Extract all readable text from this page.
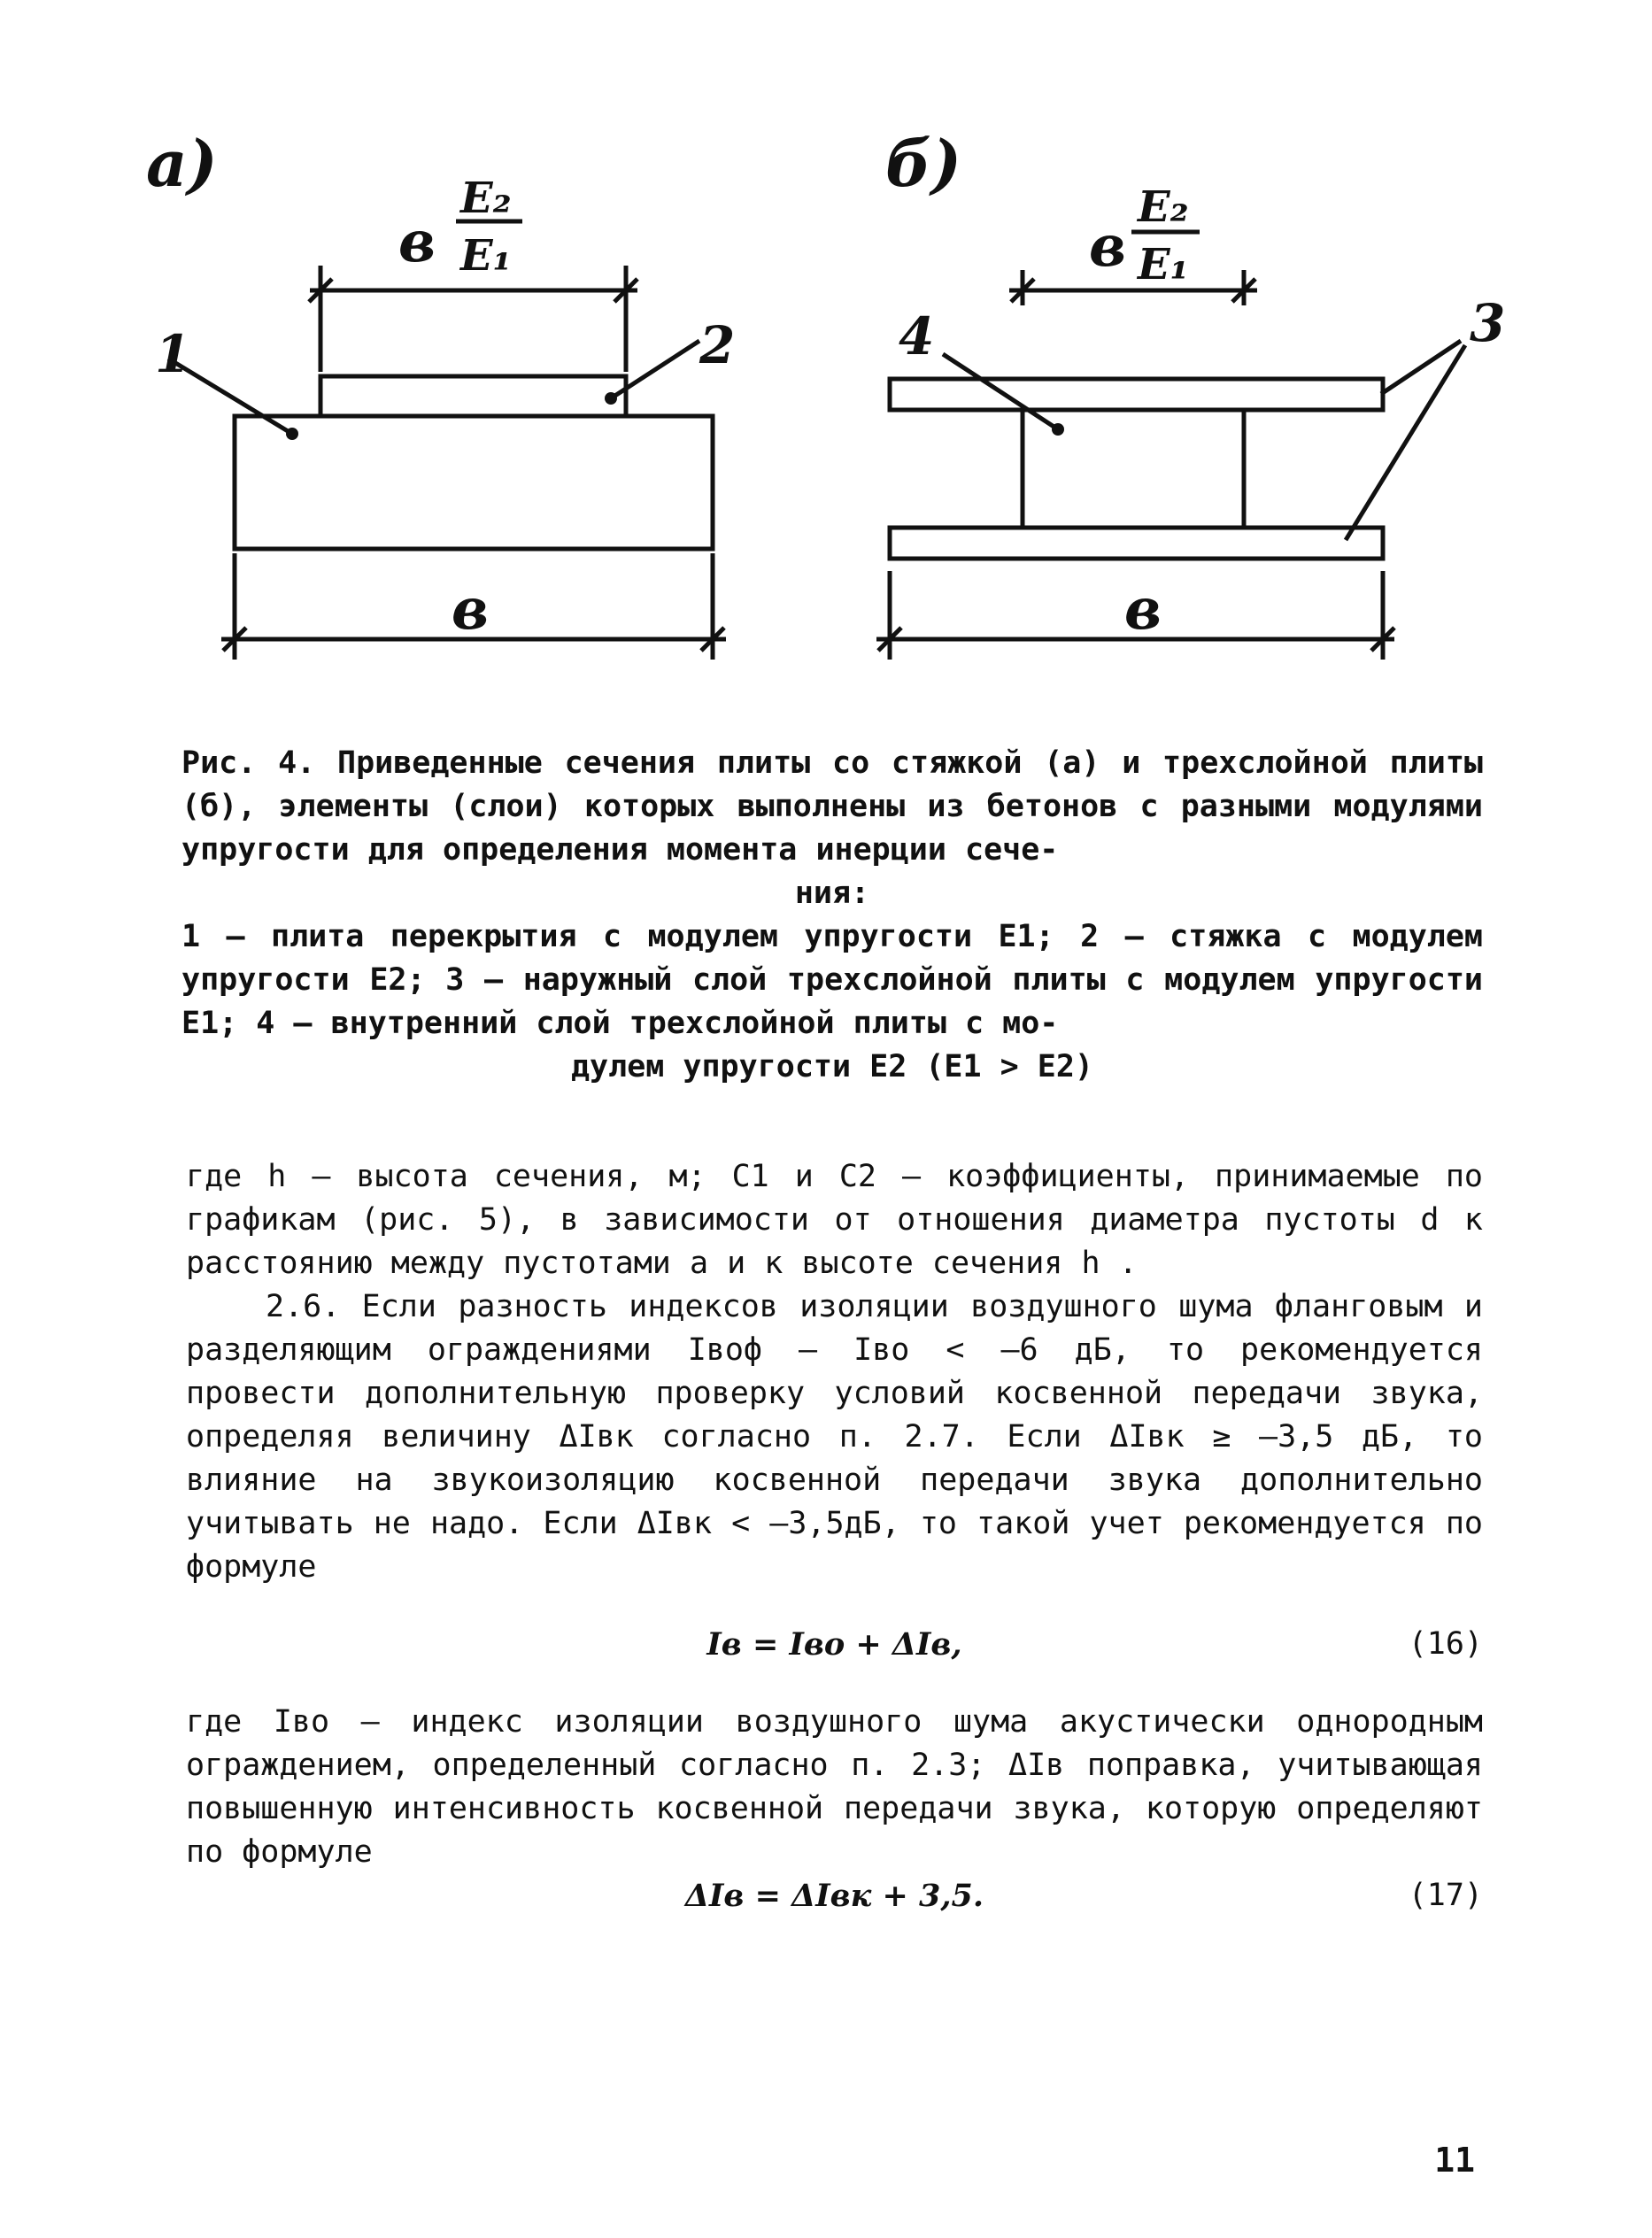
а)	б)
в
E₂
E₁	в
E₂
E₁
в	в
1	2	3
4

Рис. 4. Приведенные сечения плиты со стяжкой (а) и трехслойной плиты (б), элементы (слои) которых выполнены из бетонов с разными модулями упругости для определения момента инерции сече-

ния:

1 – плита перекрытия с модулем упругости E1; 2 – стяжка с модулем упругости E2; 3 – наружный слой трехслойной плиты с модулем упругости E1; 4 – внутренний слой трехслойной плиты с мо-

дулем упругости E2 (E1 > E2)

где h – высота сечения, м; C1 и C2 – коэффициенты, принимаемые по графикам (рис. 5), в зависимости от отношения диаметра пустоты d к расстоянию между пустотами a и к высоте сечения h .

2.6. Если разность индексов изоляции воздушного шума фланговым и разделяющим ограждениями Iвоф – Iво < –6 дБ, то рекомендуется провести дополнительную проверку условий косвенной передачи звука, определяя величину ΔIвк согласно п. 2.7. Если ΔIвк ≥ –3,5 дБ, то влияние на звукоизоляцию косвенной передачи звука дополнительно учитывать не надо. Если ΔIвк < –3,5дБ, то такой учет рекомендуется по формуле

Iв = Iво + ΔIв,	(16)

где Iво – индекс изоляции воздушного шума акустически однородным ограждением, определенный согласно п. 2.3; ΔIв поправка, учитывающая повышенную интенсивность косвенной передачи звука, которую определяют по формуле

ΔIв = ΔIвк + 3,5.	(17)
11
